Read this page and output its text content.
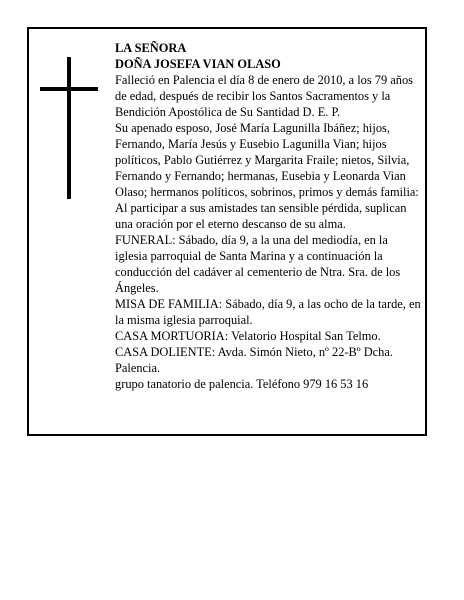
LA SEÑORA

DOÑA JOSEFA VIAN OLASO

Falleció en Palencia el día 8 de enero de 2010, a los 79 años de edad, después de recibir los Santos Sacramentos y la Bendición Apostólica de Su Santidad D. E. P.

Su apenado esposo, José María Lagunilla Ibáñez; hijos, Fernando, María Jesús y Eusebio Lagunilla Vian; hijos políticos, Pablo Gutiérrez y Margarita Fraile; nietos, Silvia, Fernando y Fernando; hermanas, Eusebia y Leonarda Vian Olaso; hermanos políticos, sobrinos, primos y demás familia:

Al participar a sus amistades tan sensible pérdida, suplican una oración por el eterno descanso de su alma.

FUNERAL: Sábado, día 9, a la una del mediodía, en la iglesia parroquial de Santa Marina y a continuación la conducción del cadáver al cementerio de Ntra. Sra. de los Ángeles.

MISA DE FAMILIA: Sábado, día 9, a las ocho de la tarde, en la misma iglesia parroquial.

CASA MORTUORIA: Velatorio Hospital San Telmo.

CASA DOLIENTE: Avda. Simón Nieto, nº 22-Bº Dcha. Palencia.

grupo tanatorio de palencia. Teléfono 979 16 53 16
